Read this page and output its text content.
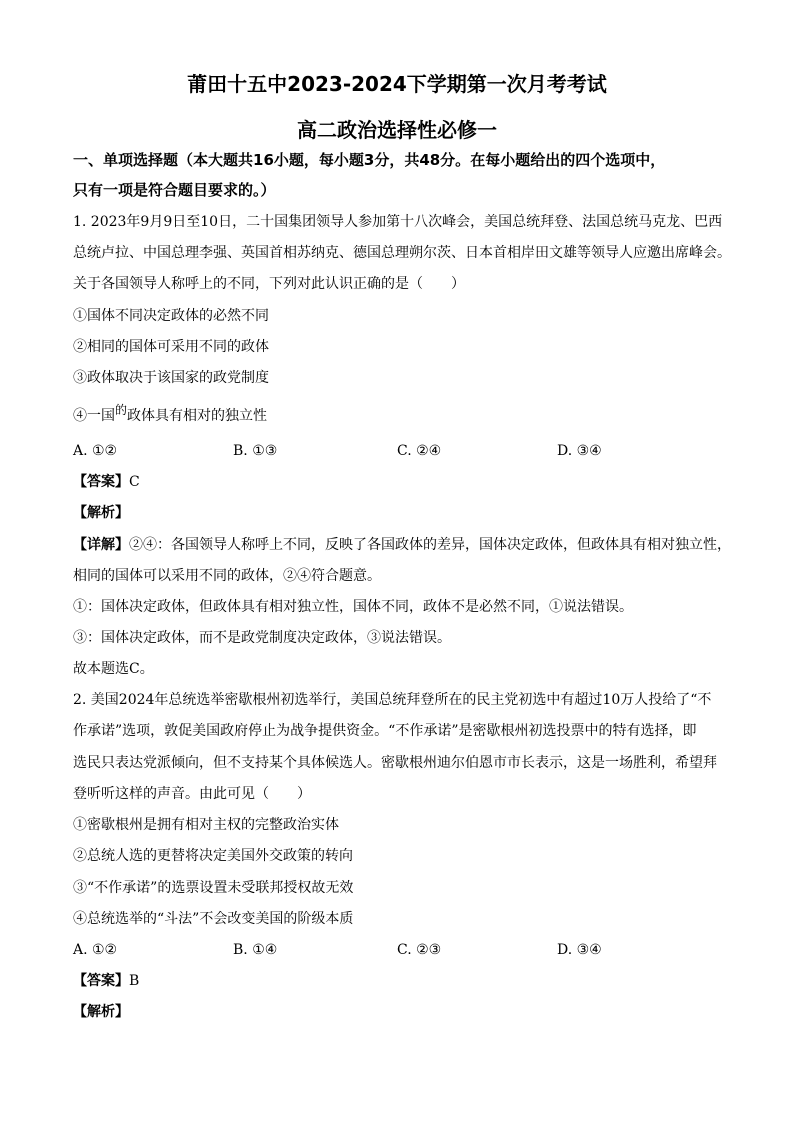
莆田十五中2023-2024下学期第一次月考考试
高二政治选择性必修一
一、单项选择题（本大题共16小题，每小题3分，共48分。在每小题给出的四个选项中，
只有一项是符合题目要求的。）
1. 2023年9月9日至10日，二十国集团领导人参加第十八次峰会，美国总统拜登、法国总统马克龙、巴西
总统卢拉、中国总理李强、英国首相苏纳克、德国总理朔尔茨、日本首相岸田文雄等领导人应邀出席峰会。
关于各国领导人称呼上的不同，下列对此认识正确的是（　　）
①国体不同决定政体的必然不同
②相同的国体可采用不同的政体
③政体取决于该国家的政党制度
④一国的政体具有相对的独立性
A. ①②	B. ①③	C. ②④	D. ③④
【答案】C
【解析】
【详解】②④：各国领导人称呼上不同，反映了各国政体的差异，国体决定政体，但政体具有相对独立性，
相同的国体可以采用不同的政体，②④符合题意。
①：国体决定政体，但政体具有相对独立性，国体不同，政体不是必然不同，①说法错误。
③：国体决定政体，而不是政党制度决定政体，③说法错误。
故本题选C。
2. 美国2024年总统选举密歇根州初选举行，美国总统拜登所在的民主党初选中有超过10万人投给了“不
作承诺”选项，敦促美国政府停止为战争提供资金。“不作承诺”是密歇根州初选投票中的特有选择，即
选民只表达党派倾向，但不支持某个具体候选人。密歇根州迪尔伯恩市市长表示，这是一场胜利，希望拜
登听听这样的声音。由此可见（　　）
①密歇根州是拥有相对主权的完整政治实体
②总统人选的更替将决定美国外交政策的转向
③“不作承诺”的选票设置未受联邦授权故无效
④总统选举的“斗法”不会改变美国的阶级本质
A. ①②	B. ①④	C. ②③	D. ③④
【答案】B
【解析】
